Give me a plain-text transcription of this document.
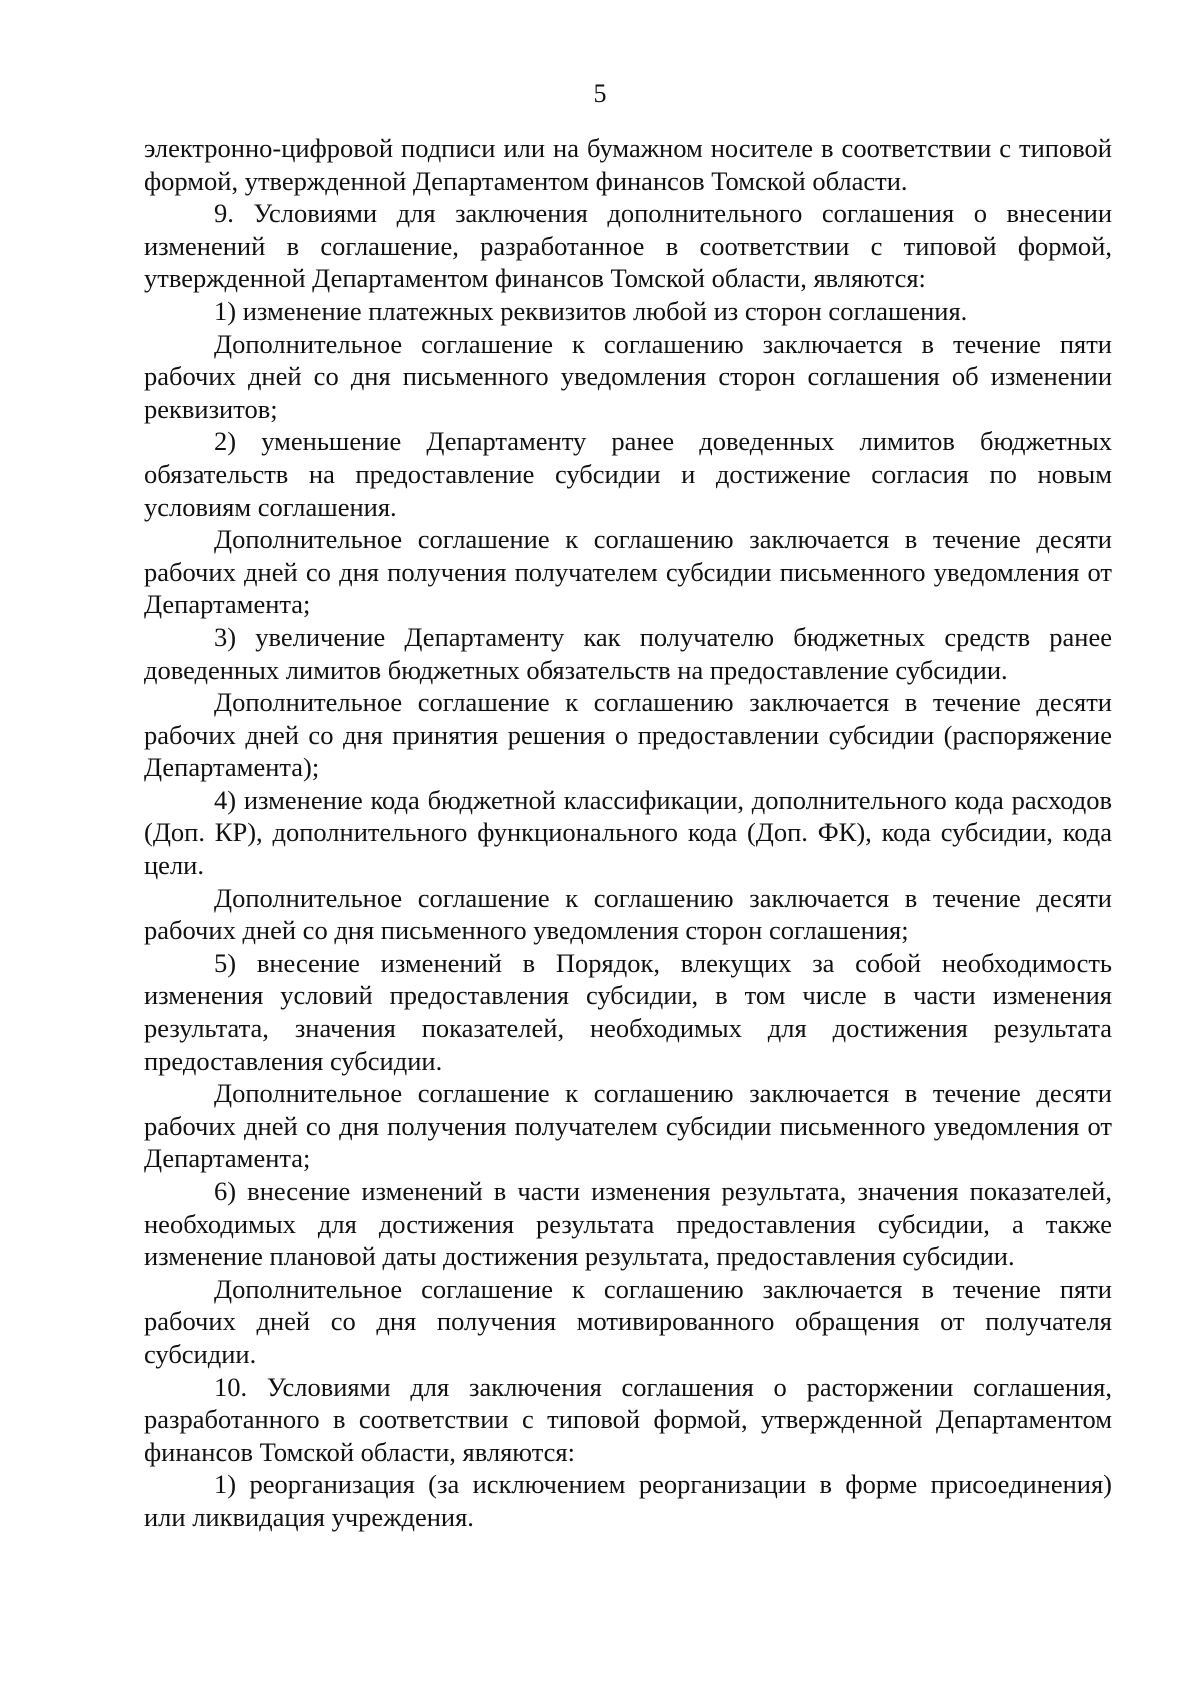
5

электронно-цифровой подписи или на бумажном носителе в соответствии с типовой формой, утвержденной Департаментом финансов Томской области.

9. Условиями для заключения дополнительного соглашения о внесении изменений в соглашение, разработанное в соответствии с типовой формой, утвержденной Департаментом финансов Томской области, являются:

1) изменение платежных реквизитов любой из сторон соглашения.

Дополнительное соглашение к соглашению заключается в течение пяти рабочих дней со дня письменного уведомления сторон соглашения об изменении реквизитов;

2) уменьшение Департаменту ранее доведенных лимитов бюджетных обязательств на предоставление субсидии и достижение согласия по новым условиям соглашения.

Дополнительное соглашение к соглашению заключается в течение десяти рабочих дней со дня получения получателем субсидии письменного уведомления от Департамента;

3) увеличение Департаменту как получателю бюджетных средств ранее доведенных лимитов бюджетных обязательств на предоставление субсидии.

Дополнительное соглашение к соглашению заключается в течение десяти рабочих дней со дня принятия решения о предоставлении субсидии (распоряжение Департамента);

4) изменение кода бюджетной классификации, дополнительного кода расходов (Доп. КР), дополнительного функционального кода (Доп. ФК), кода субсидии, кода цели.

Дополнительное соглашение к соглашению заключается в течение десяти рабочих дней со дня письменного уведомления сторон соглашения;

5) внесение изменений в Порядок, влекущих за собой необходимость изменения условий предоставления субсидии, в том числе в части изменения результата, значения показателей, необходимых для достижения результата предоставления субсидии.

Дополнительное соглашение к соглашению заключается в течение десяти рабочих дней со дня получения получателем субсидии письменного уведомления от Департамента;

6) внесение изменений в части изменения результата, значения показателей, необходимых для достижения результата предоставления субсидии, а также изменение плановой даты достижения результата, предоставления субсидии.

Дополнительное соглашение к соглашению заключается в течение пяти рабочих дней со дня получения мотивированного обращения от получателя субсидии.

10. Условиями для заключения соглашения о расторжении соглашения, разработанного в соответствии с типовой формой, утвержденной Департаментом финансов Томской области, являются:

1) реорганизация (за исключением реорганизации в форме присоединения) или ликвидация учреждения.
